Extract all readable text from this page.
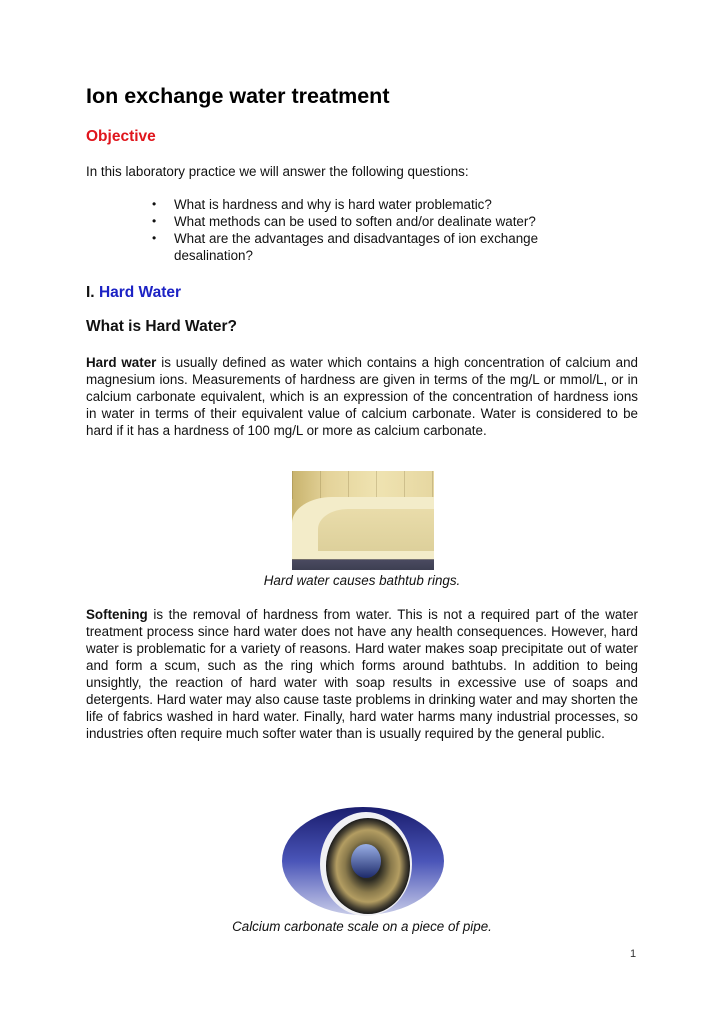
Ion exchange water treatment
Objective

In this laboratory practice we will answer the following questions:

• What is hardness and why is hard water problematic?
• What methods can be used to soften and/or dealinate water?
• What are the advantages and disadvantages of ion exchange desalination?
I. Hard Water
What is Hard Water?

Hard water is usually defined as water which contains a high concentration of calcium and magnesium ions. Measurements of hardness are given in terms of the mg/L or mmol/L, or in calcium carbonate equivalent, which is an expression of the concentration of hardness ions in water in terms of their equivalent value of calcium carbonate. Water is considered to be hard if it has a hardness of 100 mg/L or more as calcium carbonate.

Hard water causes bathtub rings.

Softening is the removal of hardness from water. This is not a required part of the water treatment process since hard water does not have any health consequences. However, hard water is problematic for a variety of reasons. Hard water makes soap precipitate out of water and form a scum, such as the ring which forms around bathtubs. In addition to being unsightly, the reaction of hard water with soap results in excessive use of soaps and detergents. Hard water may also cause taste problems in drinking water and may shorten the life of fabrics washed in hard water. Finally, hard water harms many industrial processes, so industries often require much softer water than is usually required by the general public.

Calcium carbonate scale on a piece of pipe.
1
